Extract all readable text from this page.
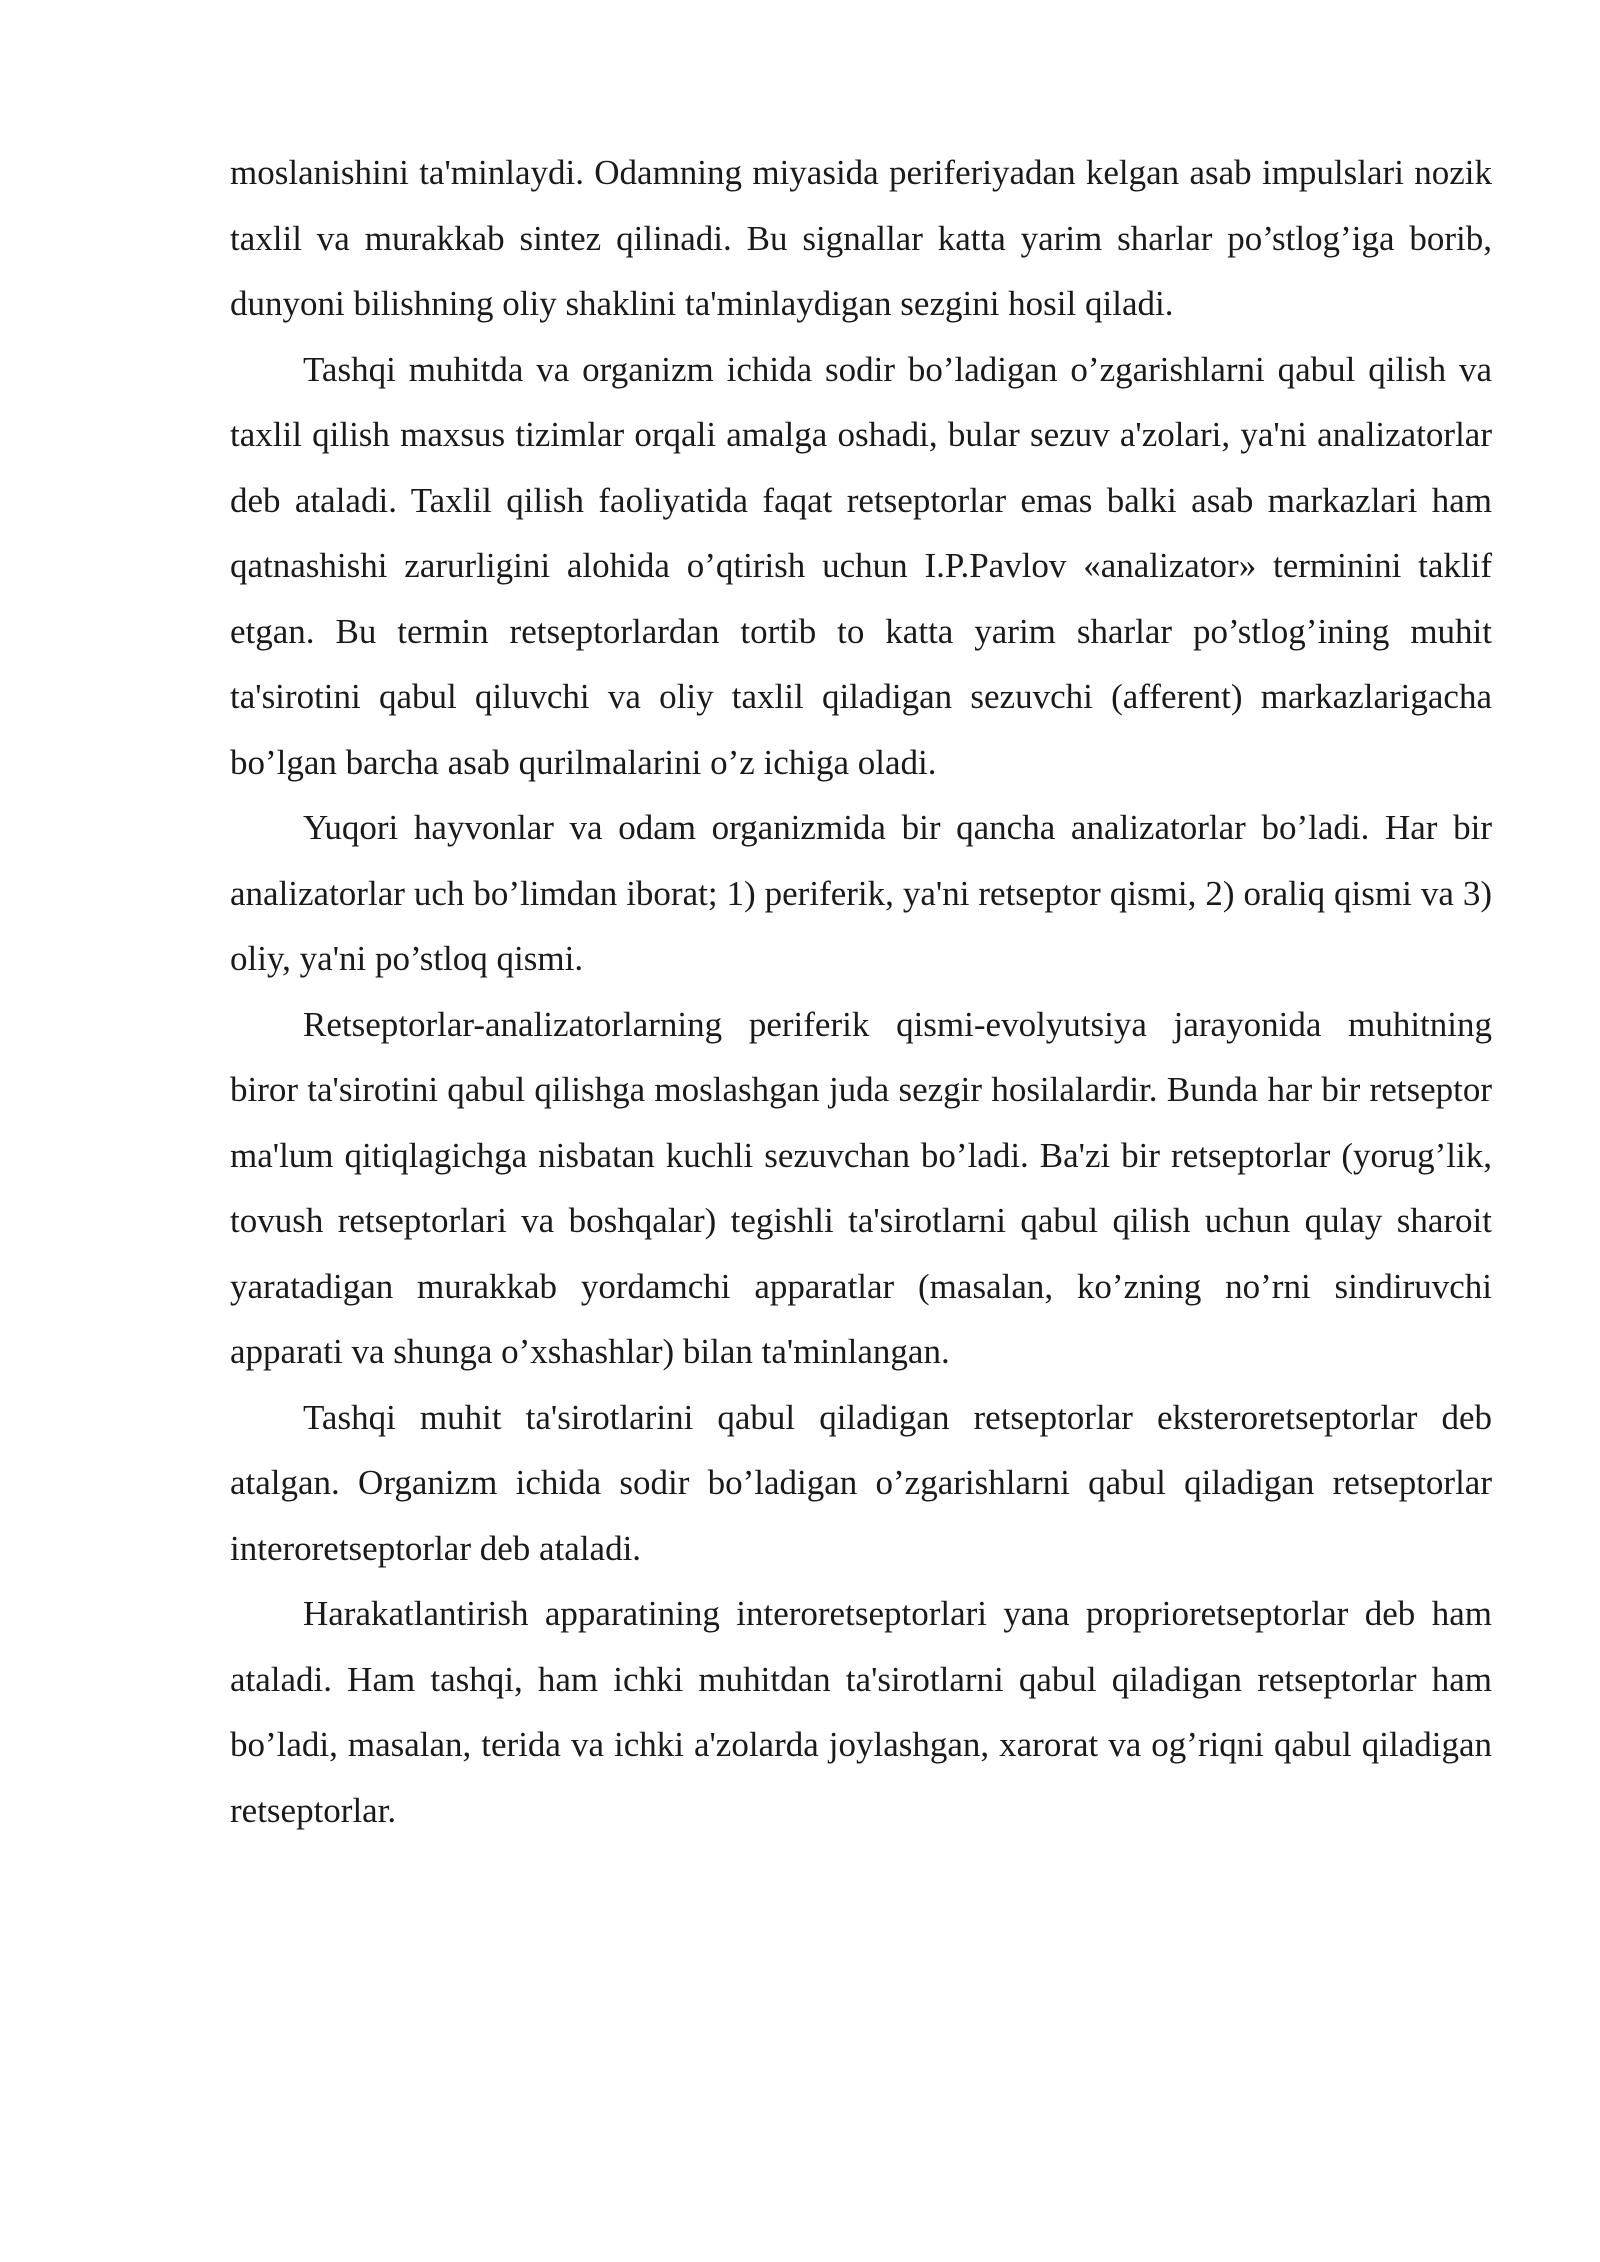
moslanishini ta'minlaydi. Odamning miyasida periferiyadan kelgan asab impulslari nozik taxlil va murakkab sintez qilinadi. Bu signallar katta yarim sharlar po’stlog’iga borib, dunyoni bilishning oliy shaklini ta'minlaydigan sezgini hosil qiladi.

Tashqi muhitda va organizm ichida sodir bo’ladigan o’zgarishlarni qabul qilish va taxlil qilish maxsus tizimlar orqali amalga oshadi, bular sezuv a'zolari, ya'ni analizatorlar deb ataladi. Taxlil qilish faoliyatida faqat retseptorlar emas balki asab markazlari ham qatnashishi zarurligini alohida o’qtirish uchun I.P.Pavlov «analizator» terminini taklif etgan. Bu termin retseptorlardan tortib to katta yarim sharlar po’stlog’ining muhit ta'sirotini qabul qiluvchi va oliy taxlil qiladigan sezuvchi (afferent) markazlarigacha bo’lgan barcha asab qurilmalarini o’z ichiga oladi.

Yuqori hayvonlar va odam organizmida bir qancha analizatorlar bo’ladi. Har bir analizatorlar uch bo’limdan iborat; 1) periferik, ya'ni retseptor qismi, 2) oraliq qismi va 3) oliy, ya'ni po’stloq qismi.

Retseptorlar-analizatorlarning periferik qismi-evolyutsiya jarayonida muhitning biror ta'sirotini qabul qilishga moslashgan juda sezgir hosilalardir. Bunda har bir retseptor ma'lum qitiqlagichga nisbatan kuchli sezuvchan bo’ladi. Ba'zi bir retseptorlar (yorug’lik, tovush retseptorlari va boshqalar) tegishli ta'sirotlarni qabul qilish uchun qulay sharoit yaratadigan murakkab yordamchi apparatlar (masalan, ko’zning no’rni sindiruvchi apparati va shunga o’xshashlar) bilan ta'minlangan.

Tashqi muhit ta'sirotlarini qabul qiladigan retseptorlar eksteroretseptorlar deb atalgan. Organizm ichida sodir bo’ladigan o’zgarishlarni qabul qiladigan retseptorlar interoretseptorlar deb ataladi.

Harakatlantirish apparatining interoretseptorlari yana proprioretseptorlar deb ham ataladi. Ham tashqi, ham ichki muhitdan ta'sirotlarni qabul qiladigan retseptorlar ham bo’ladi, masalan, terida va ichki a'zolarda joylashgan, xarorat va og’riqni qabul qiladigan retseptorlar.
